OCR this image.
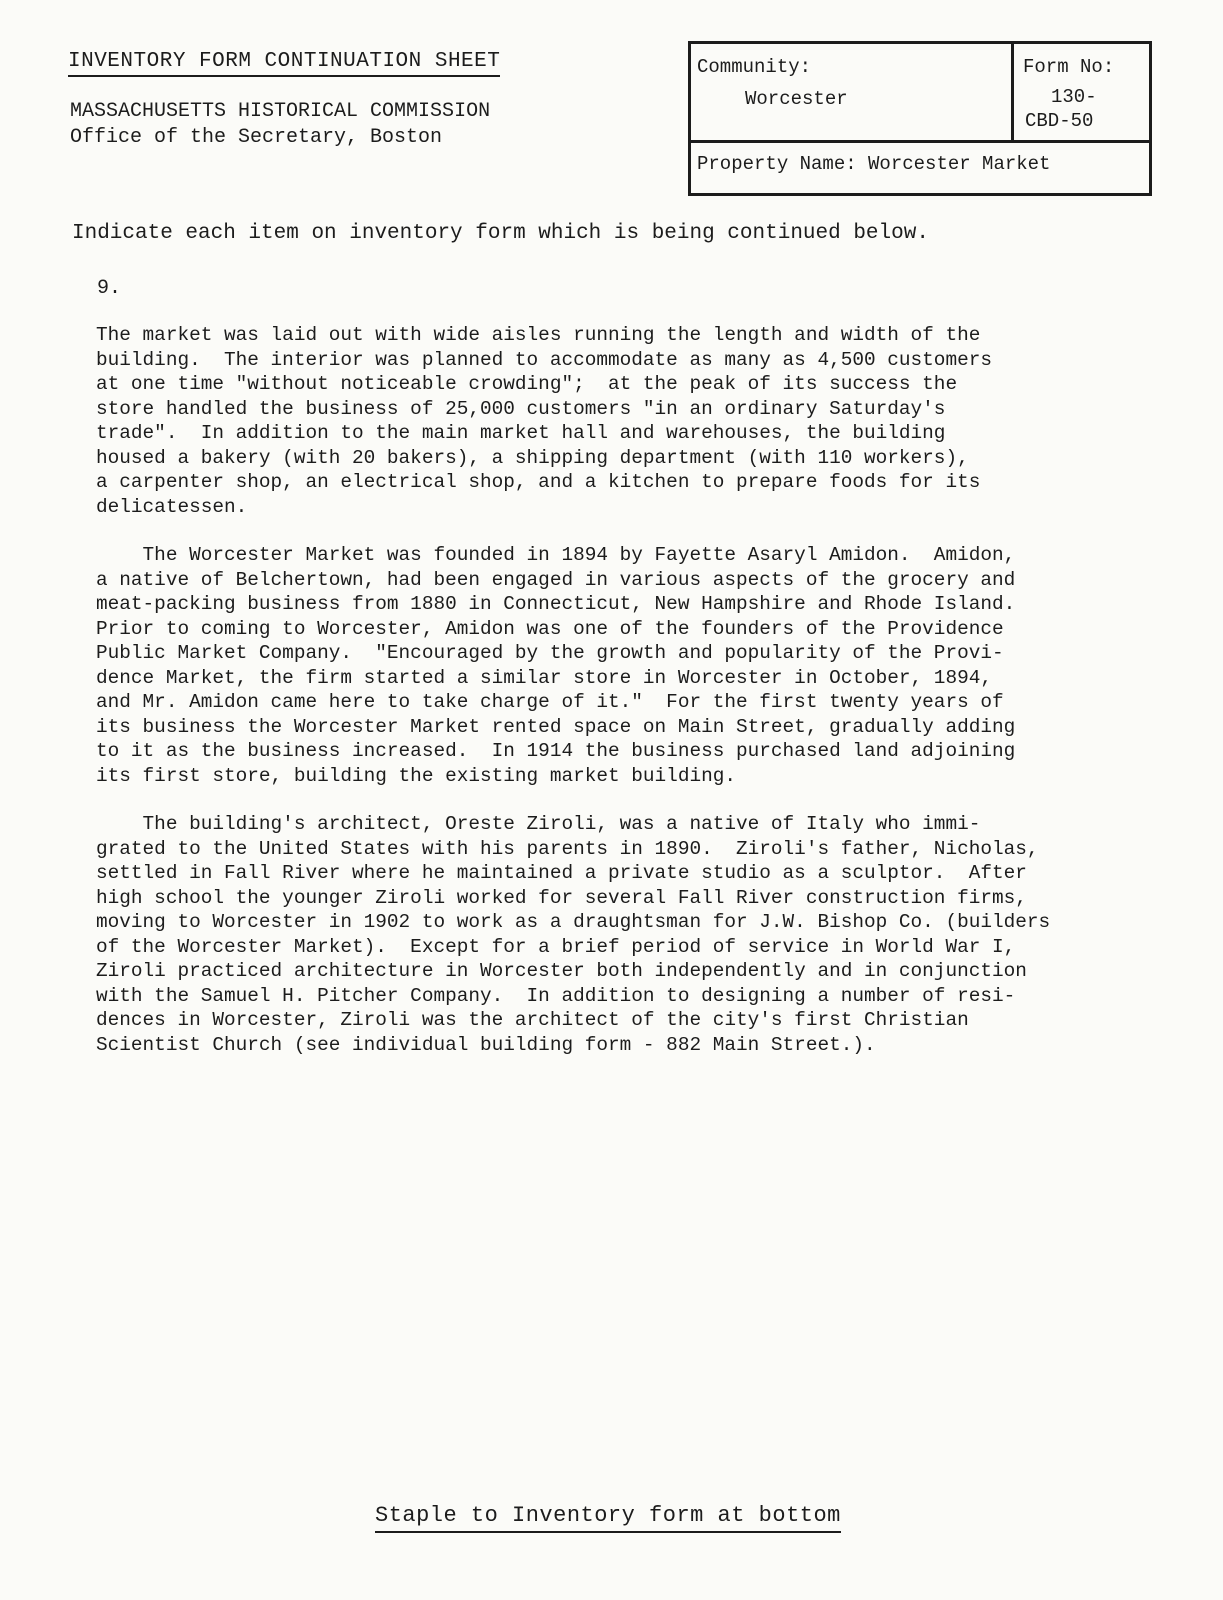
INVENTORY FORM CONTINUATION SHEET
MASSACHUSETTS HISTORICAL COMMISSION
Office of the Secretary, Boston
Community:
Worcester
Form No:
130-
CBD-50
Property Name: Worcester Market
Indicate each item on inventory form which is being continued below.
9.

The market was laid out with wide aisles running the length and width of the
building.  The interior was planned to accommodate as many as 4,500 customers
at one time "without noticeable crowding";  at the peak of its success the
store handled the business of 25,000 customers "in an ordinary Saturday's
trade".  In addition to the main market hall and warehouses, the building
housed a bakery (with 20 bakers), a shipping department (with 110 workers),
a carpenter shop, an electrical shop, and a kitchen to prepare foods for its
delicatessen.

The Worcester Market was founded in 1894 by Fayette Asaryl Amidon.  Amidon,
a native of Belchertown, had been engaged in various aspects of the grocery and
meat-packing business from 1880 in Connecticut, New Hampshire and Rhode Island.
Prior to coming to Worcester, Amidon was one of the founders of the Providence
Public Market Company.  "Encouraged by the growth and popularity of the Provi-
dence Market, the firm started a similar store in Worcester in October, 1894,
and Mr. Amidon came here to take charge of it."  For the first twenty years of
its business the Worcester Market rented space on Main Street, gradually adding
to it as the business increased.  In 1914 the business purchased land adjoining
its first store, building the existing market building.

The building's architect, Oreste Ziroli, was a native of Italy who immi-
grated to the United States with his parents in 1890.  Ziroli's father, Nicholas,
settled in Fall River where he maintained a private studio as a sculptor.  After
high school the younger Ziroli worked for several Fall River construction firms,
moving to Worcester in 1902 to work as a draughtsman for J.W. Bishop Co. (builders
of the Worcester Market).  Except for a brief period of service in World War I,
Ziroli practiced architecture in Worcester both independently and in conjunction
with the Samuel H. Pitcher Company.  In addition to designing a number of resi-
dences in Worcester, Ziroli was the architect of the city's first Christian
Scientist Church (see individual building form - 882 Main Street.).

Staple to Inventory form at bottom
